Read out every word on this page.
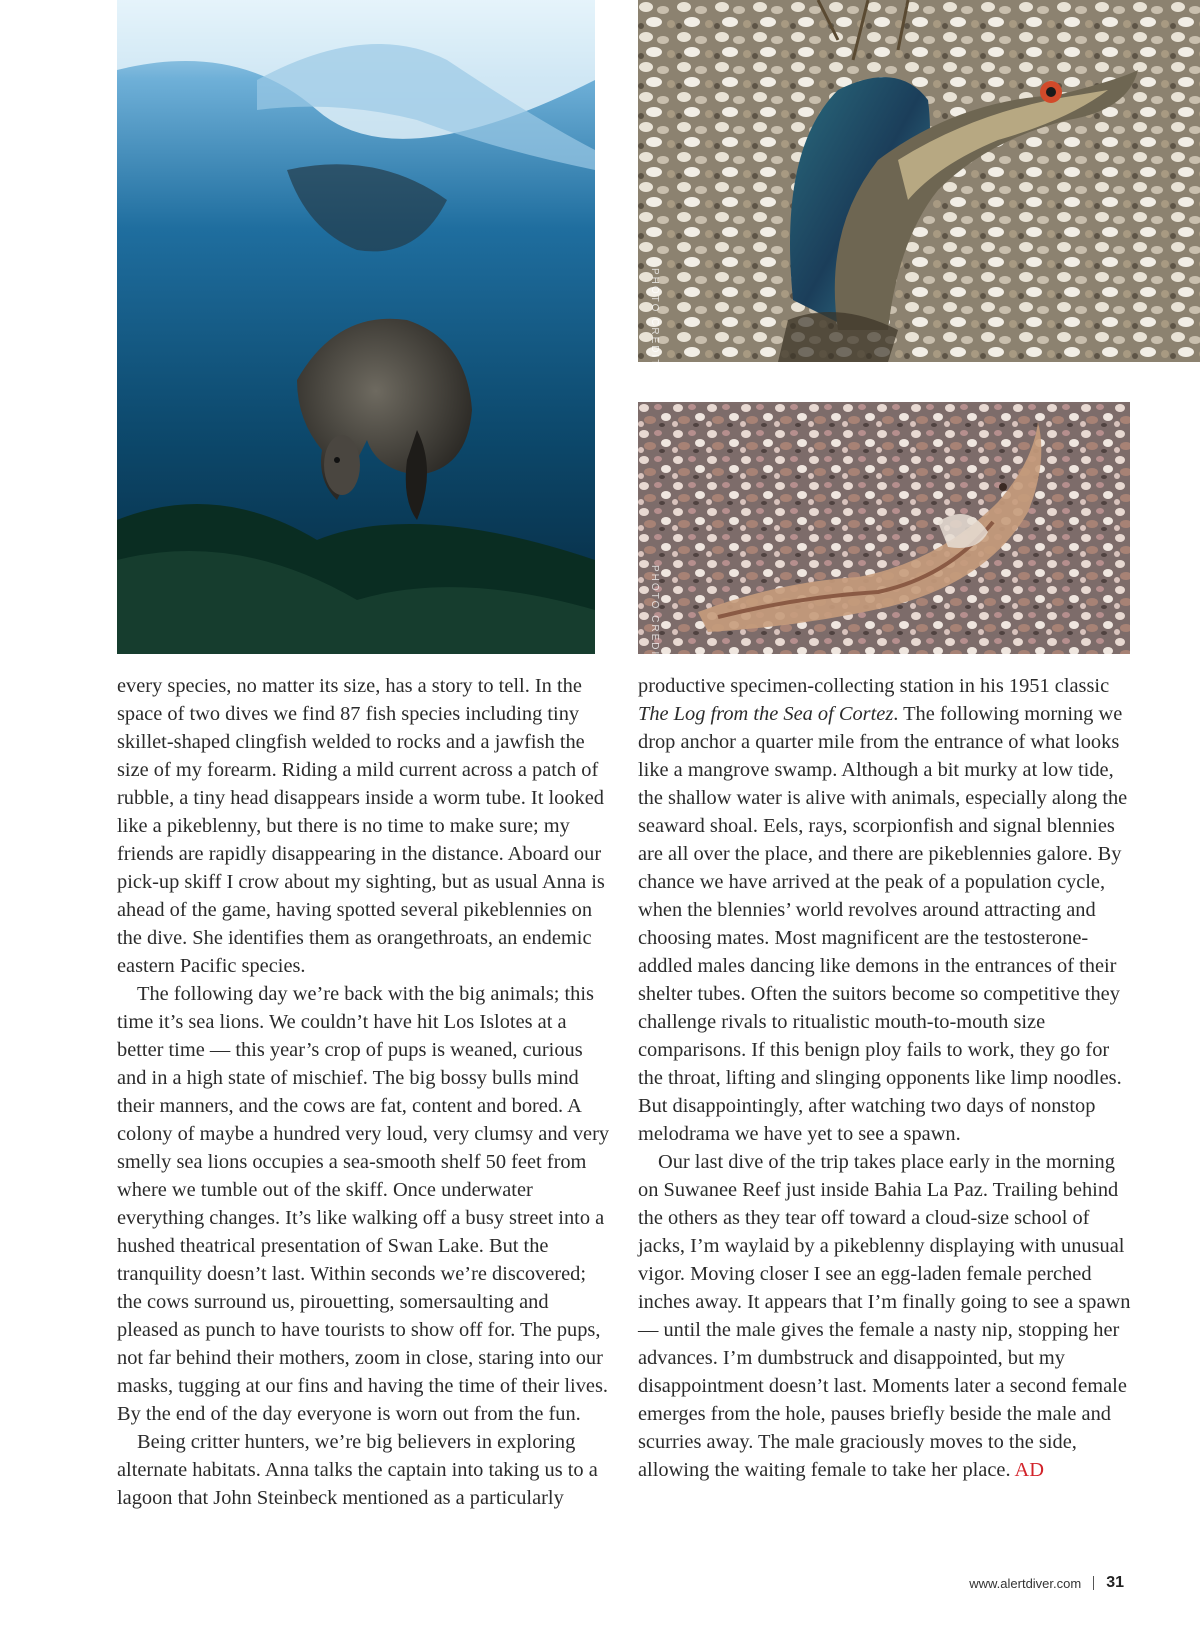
PHOTO CREDIT
PHOTO CREDIT

every species, no matter its size, has a story to tell. In the space of two dives we find 87 fish species including tiny skillet-shaped clingfish welded to rocks and a jawfish the size of my forearm. Riding a mild current across a patch of rubble, a tiny head disappears inside a worm tube. It looked like a pikeblenny, but there is no time to make sure; my friends are rapidly disappearing in the distance. Aboard our pick-up skiff I crow about my sighting, but as usual Anna is ahead of the game, having spotted several pikeblennies on the dive. She identifies them as orangethroats, an endemic eastern Pacific species.

The following day we’re back with the big animals; this time it’s sea lions. We couldn’t have hit Los Islotes at a better time — this year’s crop of pups is weaned, curious and in a high state of mischief. The big bossy bulls mind their manners, and the cows are fat, content and bored. A colony of maybe a hundred very loud, very clumsy and very smelly sea lions occupies a sea-smooth shelf 50 feet from where we tumble out of the skiff. Once underwater everything changes. It’s like walking off a busy street into a hushed theatrical presentation of Swan Lake. But the tranquility doesn’t last. Within seconds we’re discovered; the cows surround us, pirouetting, somersaulting and pleased as punch to have tourists to show off for. The pups, not far behind their mothers, zoom in close, staring into our masks, tugging at our fins and having the time of their lives. By the end of the day everyone is worn out from the fun.

Being critter hunters, we’re big believers in exploring alternate habitats. Anna talks the captain into taking us to a lagoon that John Steinbeck mentioned as a particularly

productive specimen-collecting station in his 1951 classic The Log from the Sea of Cortez. The following morning we drop anchor a quarter mile from the entrance of what looks like a mangrove swamp. Although a bit murky at low tide, the shallow water is alive with animals, especially along the seaward shoal. Eels, rays, scorpionfish and signal blennies are all over the place, and there are pikeblennies galore. By chance we have arrived at the peak of a population cycle, when the blennies’ world revolves around attracting and choosing mates. Most magnificent are the testosterone-addled males dancing like demons in the entrances of their shelter tubes. Often the suitors become so competitive they challenge rivals to ritualistic mouth-to-mouth size comparisons. If this benign ploy fails to work, they go for the throat, lifting and slinging opponents like limp noodles. But disappointingly, after watching two days of nonstop melodrama we have yet to see a spawn.

Our last dive of the trip takes place early in the morning on Suwanee Reef just inside Bahia La Paz. Trailing behind the others as they tear off toward a cloud-size school of jacks, I’m waylaid by a pikeblenny displaying with unusual vigor. Moving closer I see an egg-laden female perched inches away. It appears that I’m finally going to see a spawn — until the male gives the female a nasty nip, stopping her advances. I’m dumbstruck and disappointed, but my disappointment doesn’t last. Moments later a second female emerges from the hole, pauses briefly beside the male and scurries away. The male graciously moves to the side, allowing the waiting female to take her place. AD

www.alertdiver.com 31
